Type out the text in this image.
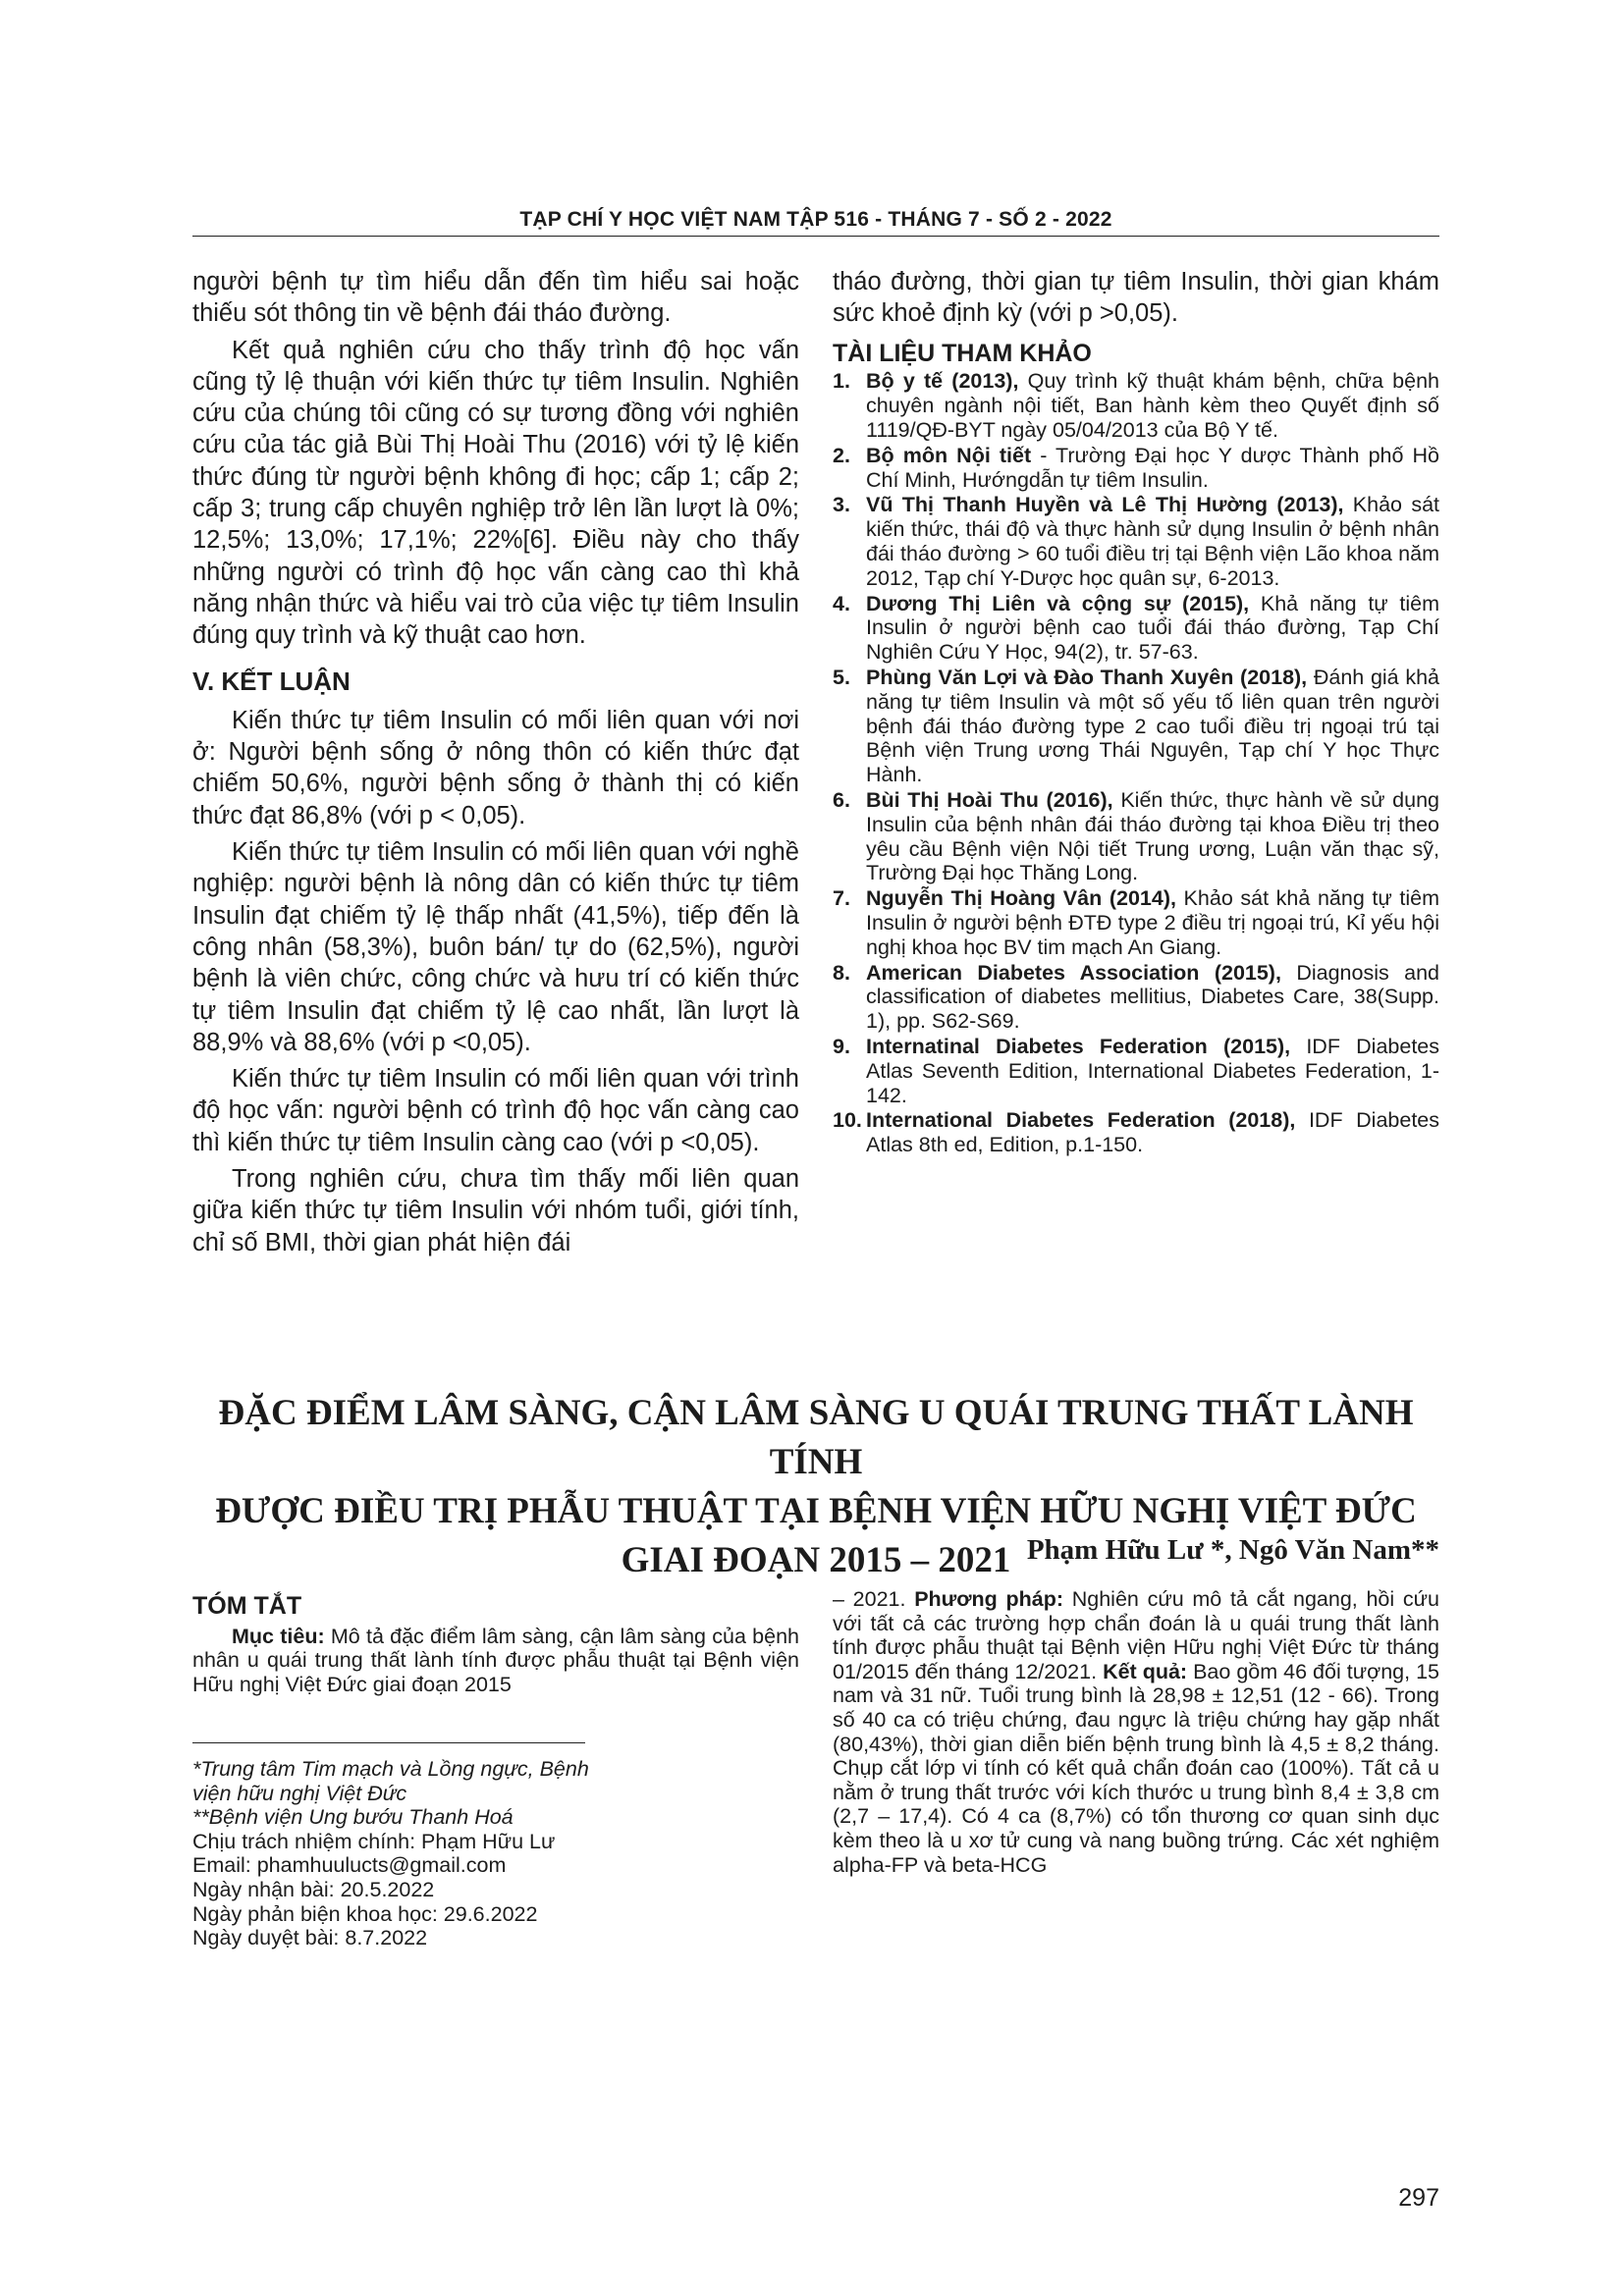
TẠP CHÍ Y HỌC VIỆT NAM TẬP 516 - THÁNG 7 - SỐ 2 - 2022

người bệnh tự tìm hiểu dẫn đến tìm hiểu sai hoặc thiếu sót thông tin về bệnh đái tháo đường.

Kết quả nghiên cứu cho thấy trình độ học vấn cũng tỷ lệ thuận với kiến thức tự tiêm Insulin. Nghiên cứu của chúng tôi cũng có sự tương đồng với nghiên cứu của tác giả Bùi Thị Hoài Thu (2016) với tỷ lệ kiến thức đúng từ người bệnh không đi học; cấp 1; cấp 2; cấp 3; trung cấp chuyên nghiệp trở lên lần lượt là 0%; 12,5%; 13,0%; 17,1%; 22%[6]. Điều này cho thấy những người có trình độ học vấn càng cao thì khả năng nhận thức và hiểu vai trò của việc tự tiêm Insulin đúng quy trình và kỹ thuật cao hơn.

V. KẾT LUẬN

Kiến thức tự tiêm Insulin có mối liên quan với nơi ở: Người bệnh sống ở nông thôn có kiến thức đạt chiếm 50,6%, người bệnh sống ở thành thị có kiến thức đạt 86,8% (với p < 0,05).

Kiến thức tự tiêm Insulin có mối liên quan với nghề nghiệp: người bệnh là nông dân có kiến thức tự tiêm Insulin đạt chiếm tỷ lệ thấp nhất (41,5%), tiếp đến là công nhân (58,3%), buôn bán/ tự do (62,5%), người bệnh là viên chức, công chức và hưu trí có kiến thức tự tiêm Insulin đạt chiếm tỷ lệ cao nhất, lần lượt là 88,9% và 88,6% (với p <0,05).

Kiến thức tự tiêm Insulin có mối liên quan với trình độ học vấn: người bệnh có trình độ học vấn càng cao thì kiến thức tự tiêm Insulin càng cao (với p <0,05).

Trong nghiên cứu, chưa tìm thấy mối liên quan giữa kiến thức tự tiêm Insulin với nhóm tuổi, giới tính, chỉ số BMI, thời gian phát hiện đái

tháo đường, thời gian tự tiêm Insulin, thời gian khám sức khoẻ định kỳ (với p >0,05).

TÀI LIỆU THAM KHẢO
1. Bộ y tế (2013), Quy trình kỹ thuật khám bệnh, chữa bệnh chuyên ngành nội tiết, Ban hành kèm theo Quyết định số 1119/QĐ-BYT ngày 05/04/2013 của Bộ Y tế.
2. Bộ môn Nội tiết - Trường Đại học Y dược Thành phố Hồ Chí Minh, Hướngdẫn tự tiêm Insulin.
3. Vũ Thị Thanh Huyền và Lê Thị Hường (2013), Khảo sát kiến thức, thái độ và thực hành sử dụng Insulin ở bệnh nhân đái tháo đường > 60 tuổi điều trị tại Bệnh viện Lão khoa năm 2012, Tạp chí Y-Dược học quân sự, 6-2013.
4. Dương Thị Liên và cộng sự (2015), Khả năng tự tiêm Insulin ở người bệnh cao tuổi đái tháo đường, Tạp Chí Nghiên Cứu Y Học, 94(2), tr. 57-63.
5. Phùng Văn Lợi và Đào Thanh Xuyên (2018), Đánh giá khả năng tự tiêm Insulin và một số yếu tố liên quan trên người bệnh đái tháo đường type 2 cao tuổi điều trị ngoại trú tại Bệnh viện Trung ương Thái Nguyên, Tạp chí Y học Thực Hành.
6. Bùi Thị Hoài Thu (2016), Kiến thức, thực hành về sử dụng Insulin của bệnh nhân đái tháo đường tại khoa Điều trị theo yêu cầu Bệnh viện Nội tiết Trung ương, Luận văn thạc sỹ, Trường Đại học Thăng Long.
7. Nguyễn Thị Hoàng Vân (2014), Khảo sát khả năng tự tiêm Insulin ở người bệnh ĐTĐ type 2 điều trị ngoại trú, Kỉ yếu hội nghị khoa học BV tim mạch An Giang.
8. American Diabetes Association (2015), Diagnosis and classification of diabetes mellitius, Diabetes Care, 38(Supp. 1), pp. S62-S69.
9. Internatinal Diabetes Federation (2015), IDF Diabetes Atlas Seventh Edition, International Diabetes Federation, 1-142.
10. International Diabetes Federation (2018), IDF Diabetes Atlas 8th ed, Edition, p.1-150.
ĐẶC ĐIỂM LÂM SÀNG, CẬN LÂM SÀNG U QUÁI TRUNG THẤT LÀNH TÍNH
ĐƯỢC ĐIỀU TRỊ PHẪU THUẬT TẠI BỆNH VIỆN HỮU NGHỊ VIỆT ĐỨC
GIAI ĐOẠN 2015 – 2021 Phạm Hữu Lư *, Ngô Văn Nam**
TÓM TẮT

Mục tiêu: Mô tả đặc điểm lâm sàng, cận lâm sàng của bệnh nhân u quái trung thất lành tính được phẫu thuật tại Bệnh viện Hữu nghị Việt Đức giai đoạn 2015

*Trung tâm Tim mạch và Lồng ngực, Bệnh viện hữu nghị Việt Đức
**Bệnh viện Ung bướu Thanh Hoá
Chịu trách nhiệm chính: Phạm Hữu Lư
Email: phamhuulucts@gmail.com
Ngày nhận bài: 20.5.2022
Ngày phản biện khoa học: 29.6.2022
Ngày duyệt bài: 8.7.2022

– 2021. Phương pháp: Nghiên cứu mô tả cắt ngang, hồi cứu với tất cả các trường hợp chẩn đoán là u quái trung thất lành tính được phẫu thuật tại Bệnh viện Hữu nghị Việt Đức từ tháng 01/2015 đến tháng 12/2021. Kết quả: Bao gồm 46 đối tượng, 15 nam và 31 nữ. Tuổi trung bình là 28,98 ± 12,51 (12 - 66). Trong số 40 ca có triệu chứng, đau ngực là triệu chứng hay gặp nhất (80,43%), thời gian diễn biến bệnh trung bình là 4,5 ± 8,2 tháng. Chụp cắt lớp vi tính có kết quả chẩn đoán cao (100%). Tất cả u nằm ở trung thất trước với kích thước u trung bình 8,4 ± 3,8 cm (2,7 – 17,4). Có 4 ca (8,7%) có tổn thương cơ quan sinh dục kèm theo là u xơ tử cung và nang buồng trứng. Các xét nghiệm alpha-FP và beta-HCG

297
